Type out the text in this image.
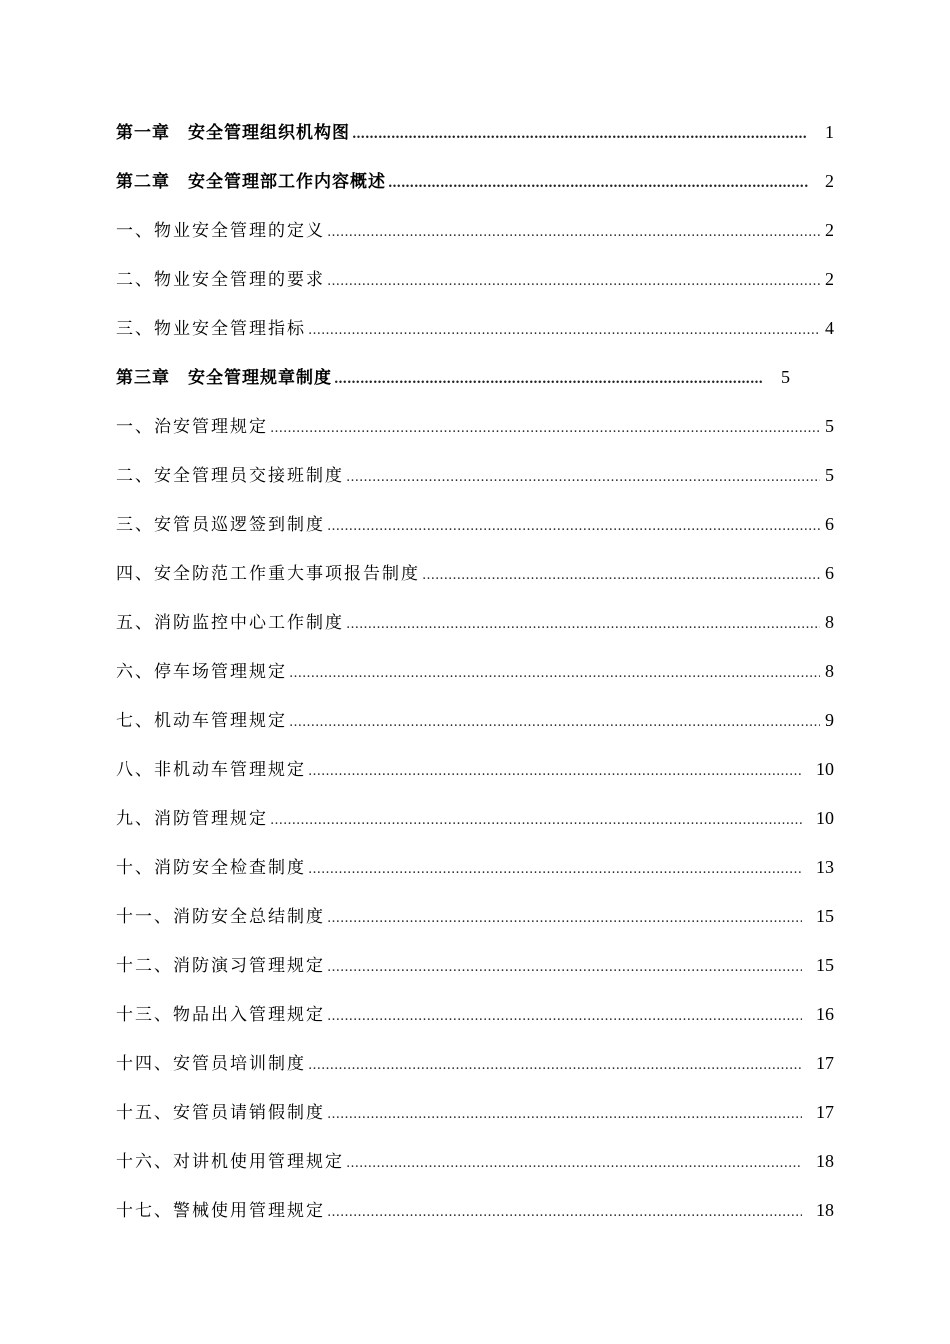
第一章　安全管理组织机构图 ……………………………………………………………………………………………………………………………………………………	1
第二章　安全管理部工作内容概述 ……………………………………………………………………………………………………………………………………………………	2
一、物业安全管理的定义 ……………………………………………………………………………………………………………………………………………………	2
二、物业安全管理的要求 ……………………………………………………………………………………………………………………………………………………	2
三、物业安全管理指标 ……………………………………………………………………………………………………………………………………………………	4
第三章　安全管理规章制度 ……………………………………………………………………………………………………………………………………………………	5
一、治安管理规定 ……………………………………………………………………………………………………………………………………………………	5
二、安全管理员交接班制度 ……………………………………………………………………………………………………………………………………………………	5
三、安管员巡逻签到制度 ……………………………………………………………………………………………………………………………………………………	6
四、安全防范工作重大事项报告制度 ……………………………………………………………………………………………………………………………………………………	6
五、消防监控中心工作制度 ……………………………………………………………………………………………………………………………………………………	8
六、停车场管理规定 ……………………………………………………………………………………………………………………………………………………	8
七、机动车管理规定 ……………………………………………………………………………………………………………………………………………………	9
八、非机动车管理规定 ……………………………………………………………………………………………………………………………………………………	10
九、消防管理规定 ……………………………………………………………………………………………………………………………………………………	10
十、消防安全检查制度 ……………………………………………………………………………………………………………………………………………………	13
十一、消防安全总结制度 ……………………………………………………………………………………………………………………………………………………	15
十二、消防演习管理规定 ……………………………………………………………………………………………………………………………………………………	15
十三、物品出入管理规定 ……………………………………………………………………………………………………………………………………………………	16
十四、安管员培训制度 ……………………………………………………………………………………………………………………………………………………	17
十五、安管员请销假制度 ……………………………………………………………………………………………………………………………………………………	17
十六、对讲机使用管理规定 ……………………………………………………………………………………………………………………………………………………	18
十七、警械使用管理规定 ……………………………………………………………………………………………………………………………………………………	18
